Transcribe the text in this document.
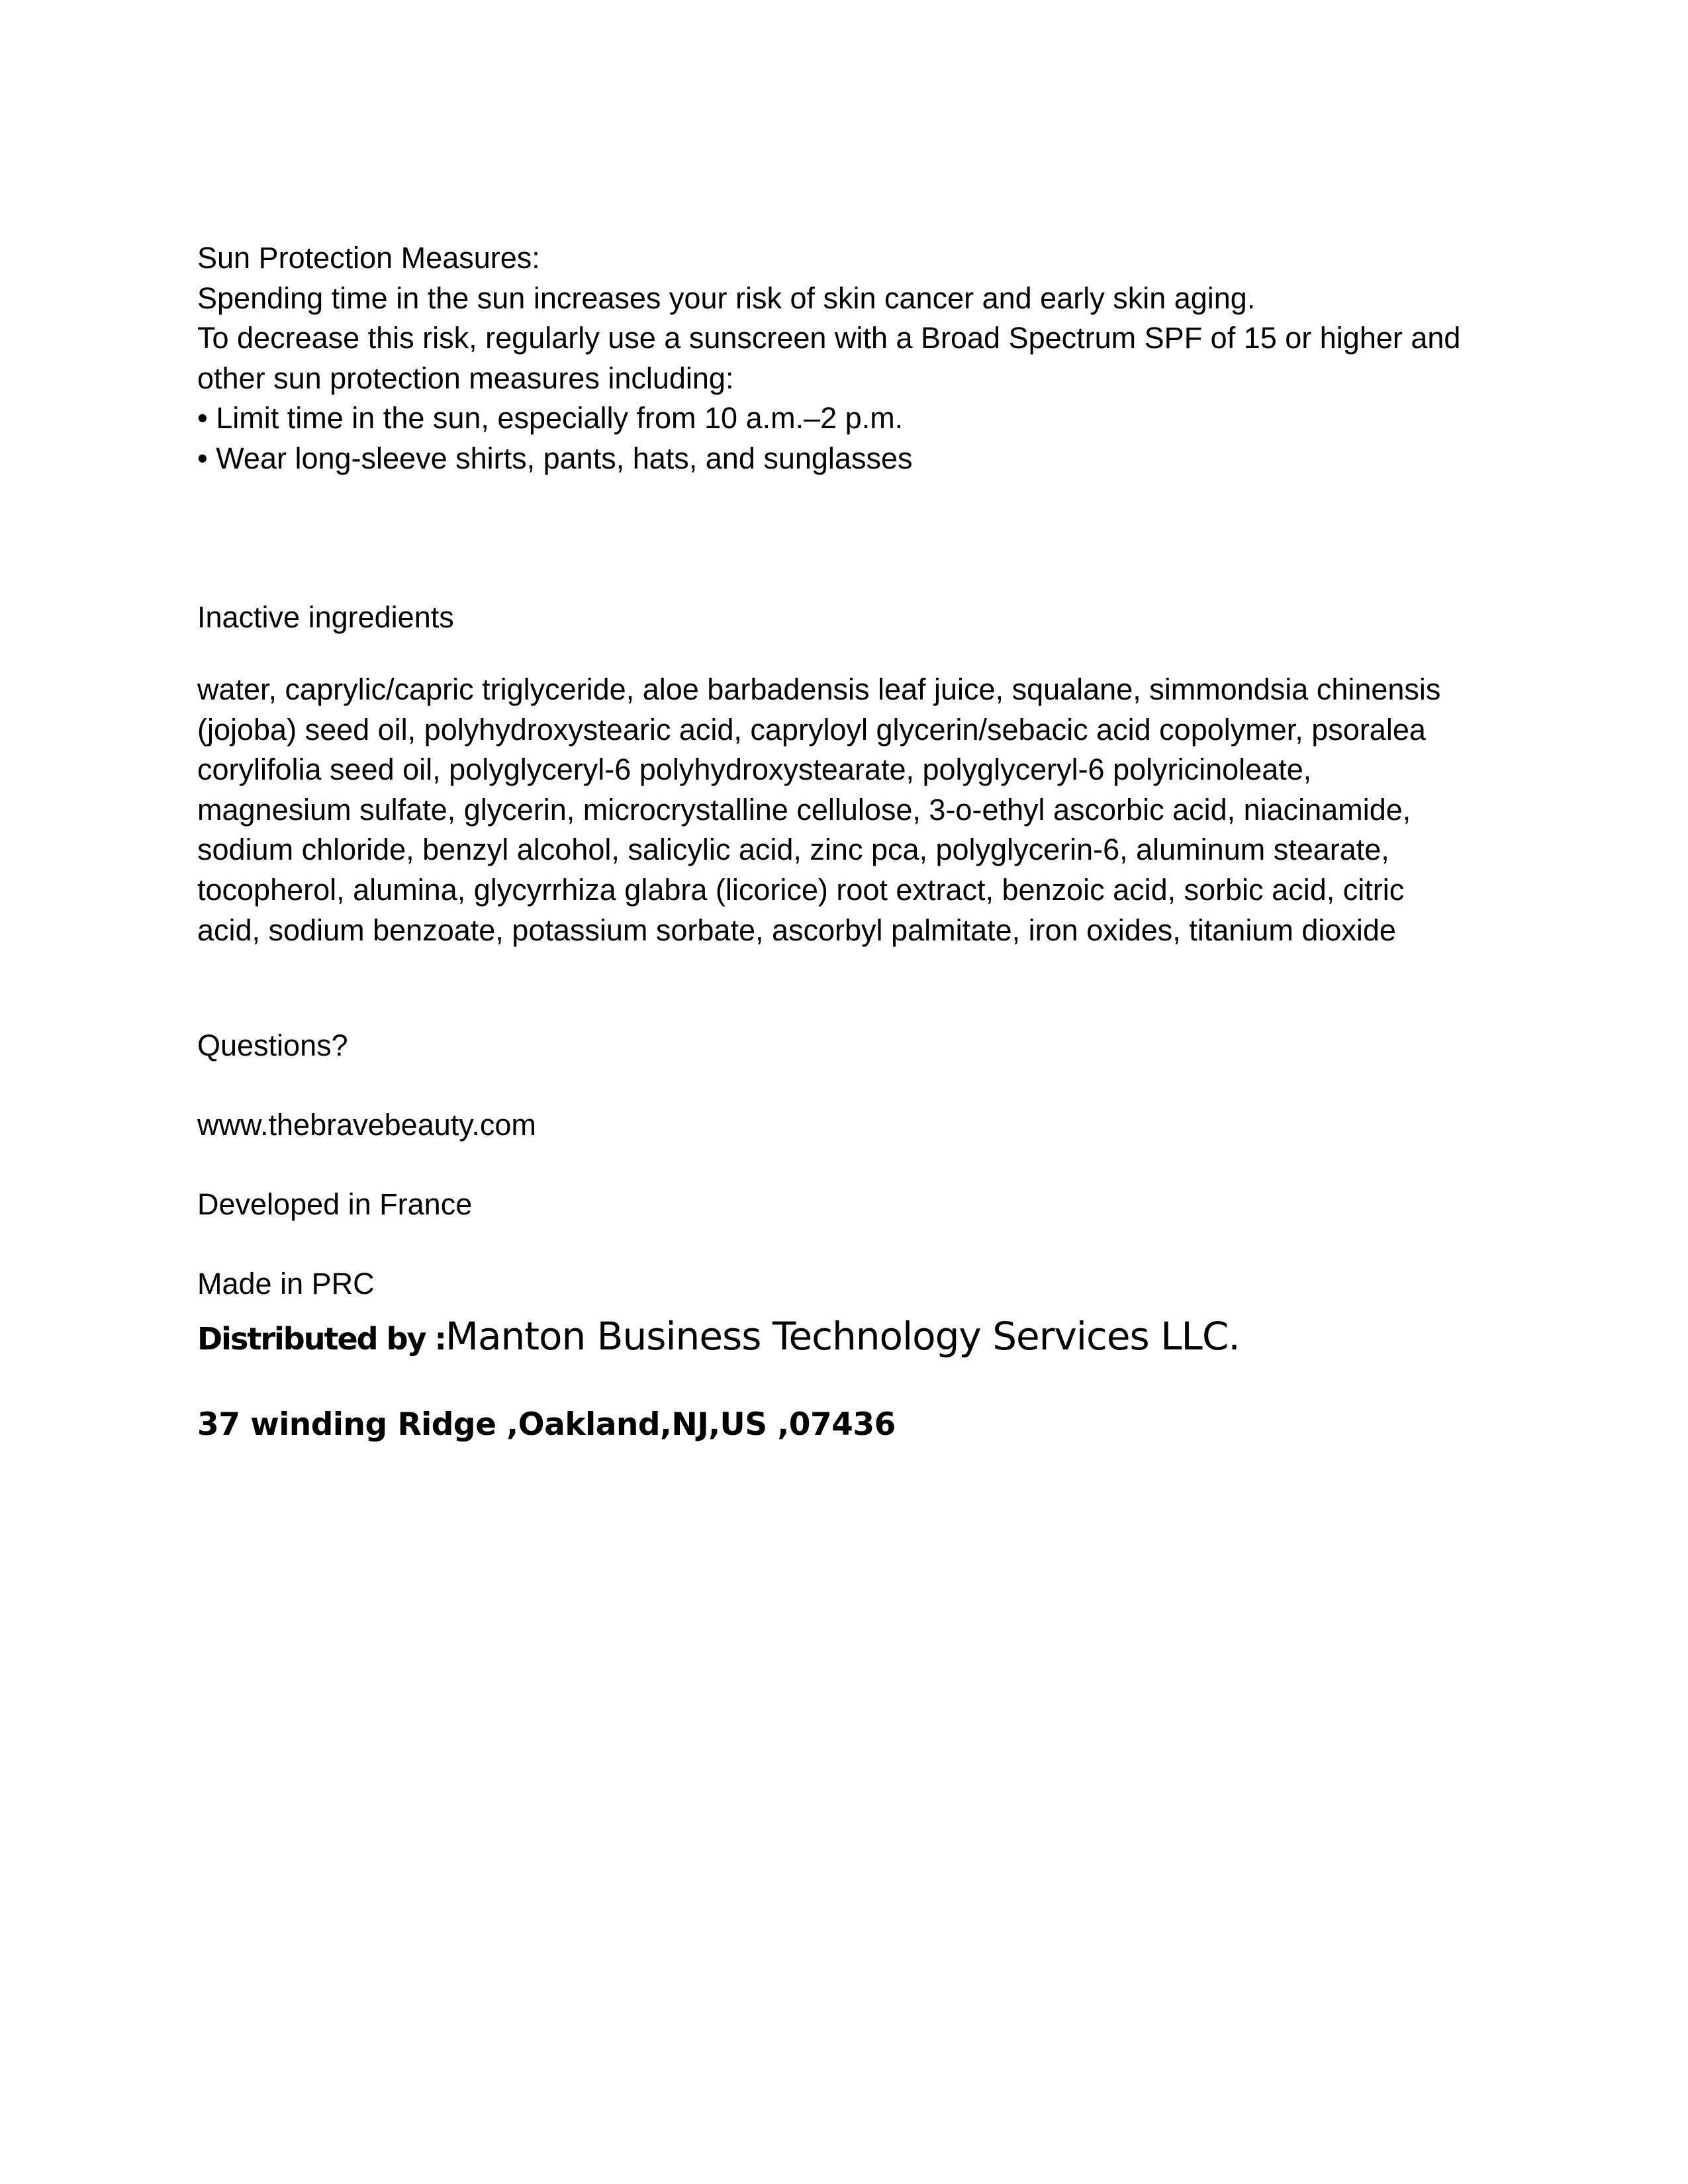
Sun Protection Measures:
Spending time in the sun increases your risk of skin cancer and early skin aging.
To decrease this risk, regularly use a sunscreen with a Broad Spectrum SPF of 15 or higher and
other sun protection measures including:
• Limit time in the sun, especially from 10 a.m.–2 p.m.
• Wear long-sleeve shirts, pants, hats, and sunglasses

Inactive ingredients

water, caprylic/capric triglyceride, aloe barbadensis leaf juice, squalane, simmondsia chinensis
(jojoba) seed oil, polyhydroxystearic acid, capryloyl glycerin/sebacic acid copolymer, psoralea
corylifolia seed oil, polyglyceryl-6 polyhydroxystearate, polyglyceryl-6 polyricinoleate,
magnesium sulfate, glycerin, microcrystalline cellulose, 3-o-ethyl ascorbic acid, niacinamide,
sodium chloride, benzyl alcohol, salicylic acid, zinc pca, polyglycerin-6, aluminum stearate,
tocopherol, alumina, glycyrrhiza glabra (licorice) root extract, benzoic acid, sorbic acid, citric
acid, sodium benzoate, potassium sorbate, ascorbyl palmitate, iron oxides, titanium dioxide

Questions?

www.thebravebeauty.com

Developed in France

Made in PRC

Distributed by :Manton Business Technology Services LLC.

37 winding Ridge ,Oakland,NJ,US ,07436
